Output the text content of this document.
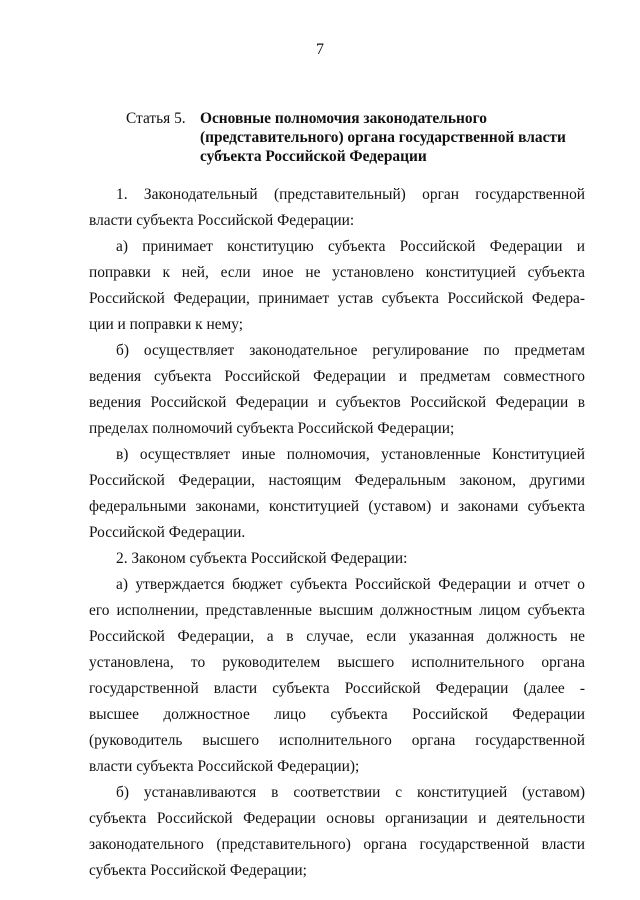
7
Статья 5. Основные полномочия законодательного
(представительного) органа государственной власти
субъекта Российской Федерации
1. Законодательный (представительный) орган государственной
власти субъекта Российской Федерации:
а) принимает конституцию субъекта Российской Федерации и
поправки к ней, если иное не установлено конституцией субъекта
Российской Федерации, принимает устав субъекта Российской Федера-
ции и поправки к нему;
б) осуществляет законодательное регулирование по предметам
ведения субъекта Российской Федерации и предметам совместного
ведения Российской Федерации и субъектов Российской Федерации в
пределах полномочий субъекта Российской Федерации;
в) осуществляет иные полномочия, установленные Конституцией
Российской Федерации, настоящим Федеральным законом, другими
федеральными законами, конституцией (уставом) и законами субъекта
Российской Федерации.
2. Законом субъекта Российской Федерации:
а) утверждается бюджет субъекта Российской Федерации и отчет о
его исполнении, представленные высшим должностным лицом субъекта
Российской Федерации, а в случае, если указанная должность не
установлена, то руководителем высшего исполнительного органа
государственной власти субъекта Российской Федерации (далее -
высшее должностное лицо субъекта Российской Федерации
(руководитель высшего исполнительного органа государственной
власти субъекта Российской Федерации);
б) устанавливаются в соответствии с конституцией (уставом)
субъекта Российской Федерации основы организации и деятельности
законодательного (представительного) органа государственной власти
субъекта Российской Федерации;
